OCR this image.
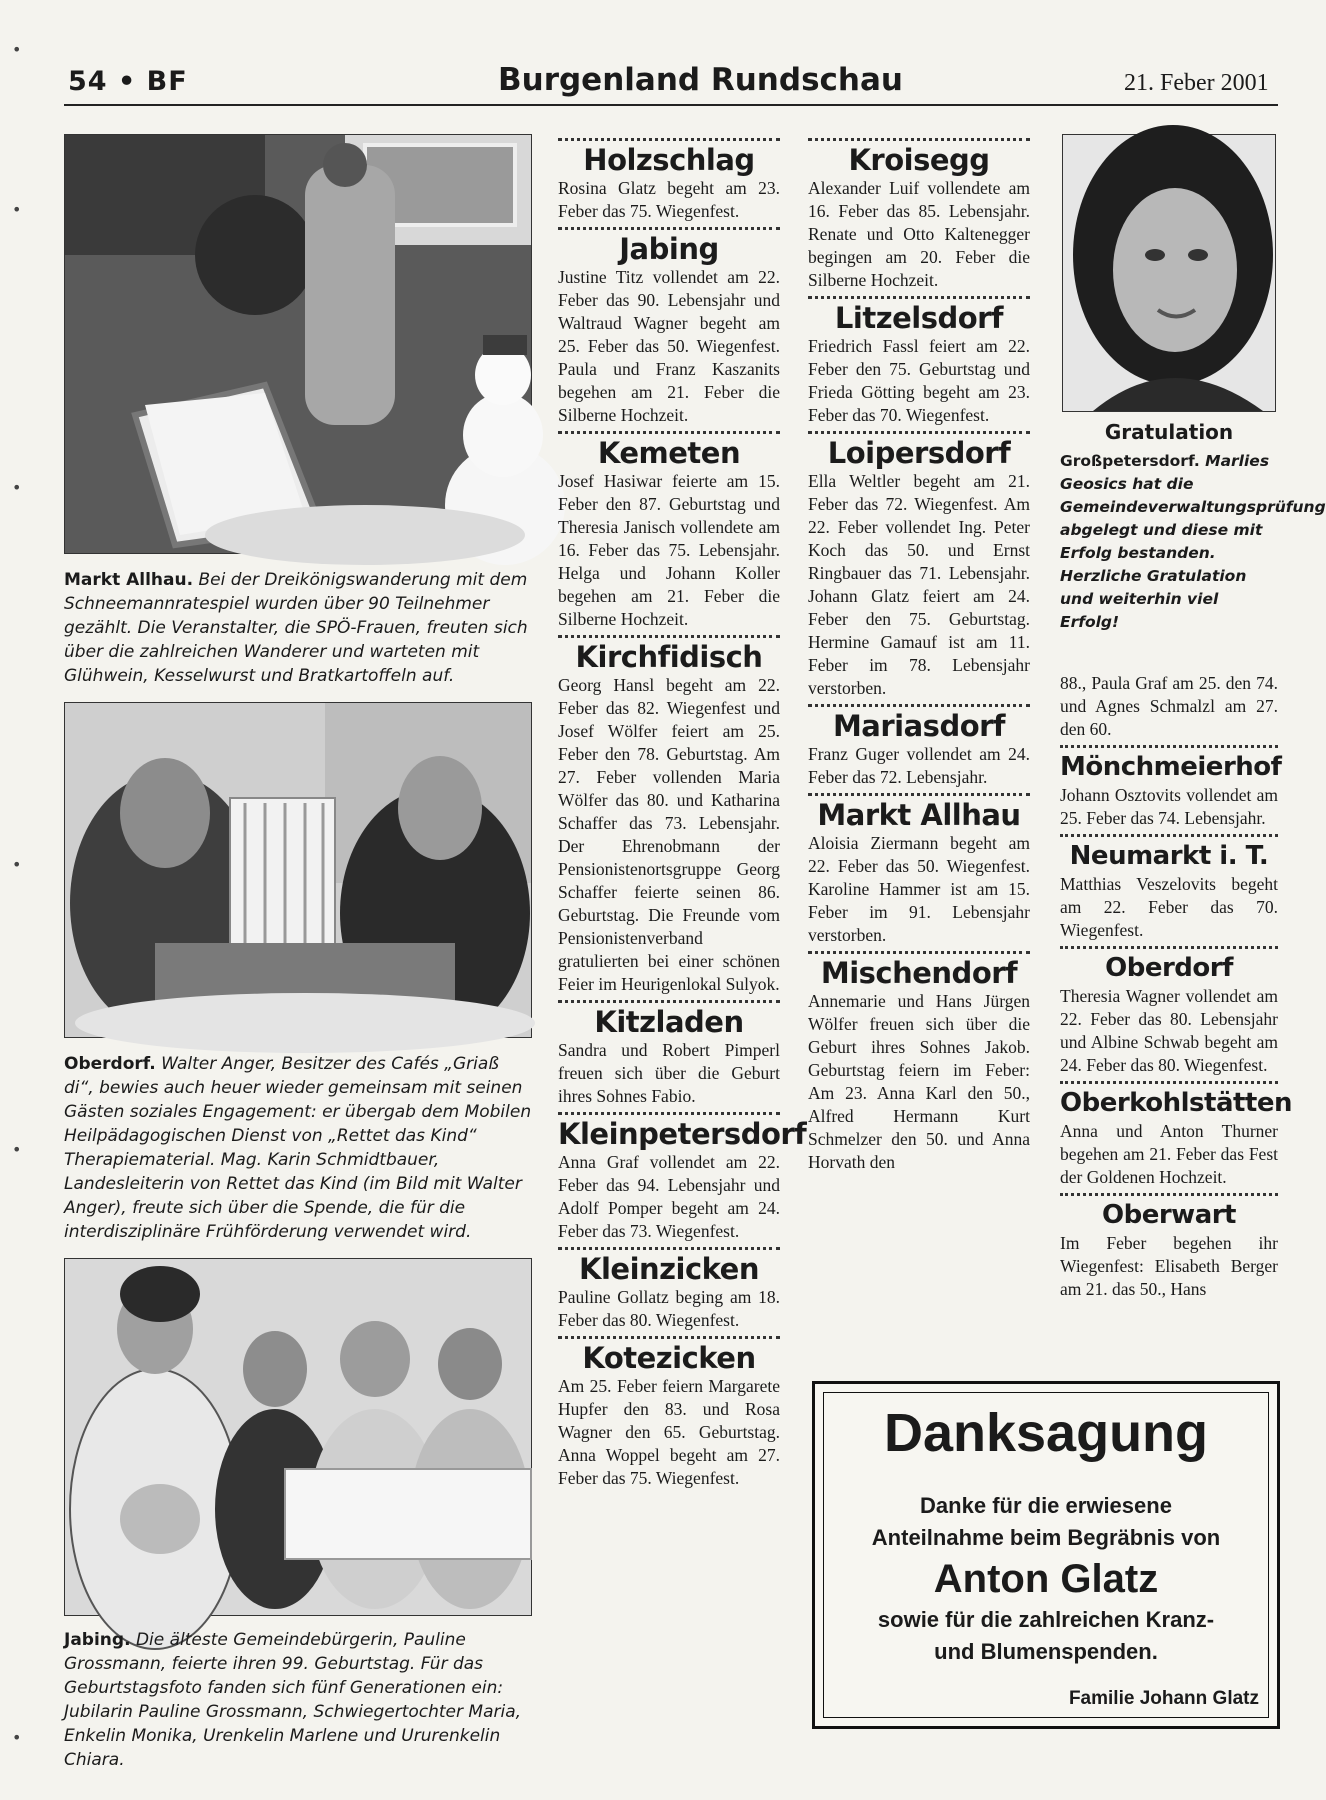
54 • BF	Burgenland Rundschau	21. Feber 2001
•
•
•
•
•
•
Markt Allhau. Bei der Dreikönigswanderung mit dem Schneemannratespiel wurden über 90 Teilnehmer gezählt. Die Veranstalter, die SPÖ-Frauen, freuten sich über die zahlreichen Wanderer und warteten mit Glühwein, Kesselwurst und Bratkartoffeln auf.
Oberdorf. Walter Anger, Besitzer des Cafés „Griaß di“, bewies auch heuer wieder gemeinsam mit seinen Gästen soziales Engagement: er übergab dem Mobilen Heilpädagogischen Dienst von „Rettet das Kind“ Therapiematerial. Mag. Karin Schmidtbauer, Landesleiterin von Rettet das Kind (im Bild mit Walter Anger), freute sich über die Spende, die für die interdisziplinäre Frühförderung verwendet wird.
Jabing. Die älteste Gemeindebürgerin, Pauline Grossmann, feierte ihren 99. Geburtstag. Für das Geburtstagsfoto fanden sich fünf Generationen ein: Jubilarin Pauline Grossmann, Schwiegertochter Maria, Enkelin Monika, Urenkelin Marlene und Ururenkelin Chiara.
Holzschlag

Rosina Glatz begeht am 23. Feber das 75. Wiegenfest.

Jabing

Justine Titz vollendet am 22. Feber das 90. Lebensjahr und Waltraud Wagner begeht am 25. Feber das 50. Wiegenfest. Paula und Franz Kaszanits begehen am 21. Feber die Silberne Hochzeit.

Kemeten

Josef Hasiwar feierte am 15. Feber den 87. Geburtstag und Theresia Janisch vollendete am 16. Feber das 75. Lebensjahr. Helga und Johann Koller begehen am 21. Feber die Silberne Hochzeit.

Kirchfidisch

Georg Hansl begeht am 22. Feber das 82. Wiegenfest und Josef Wölfer feiert am 25. Feber den 78. Geburtstag. Am 27. Feber vollenden Maria Wölfer das 80. und Katharina Schaffer das 73. Lebensjahr. Der Ehrenobmann der Pensionistenortsgruppe Georg Schaffer feierte seinen 86. Geburtstag. Die Freunde vom Pensionistenverband gratulierten bei einer schönen Feier im Heurigenlokal Sulyok.

Kitzladen

Sandra und Robert Pimperl freuen sich über die Geburt ihres Sohnes Fabio.

Kleinpetersdorf

Anna Graf vollendet am 22. Feber das 94. Lebensjahr und Adolf Pomper begeht am 24. Feber das 73. Wiegenfest.

Kleinzicken

Pauline Gollatz beging am 18. Feber das 80. Wiegenfest.

Kotezicken

Am 25. Feber feiern Margarete Hupfer den 83. und Rosa Wagner den 65. Geburtstag. Anna Woppel begeht am 27. Feber das 75. Wiegenfest.

Kroisegg

Alexander Luif vollendete am 16. Feber das 85. Lebensjahr. Renate und Otto Kaltenegger begingen am 20. Feber die Silberne Hochzeit.

Litzelsdorf

Friedrich Fassl feiert am 22. Feber den 75. Geburtstag und Frieda Götting begeht am 23. Feber das 70. Wiegenfest.

Loipersdorf

Ella Weltler begeht am 21. Feber das 72. Wiegenfest. Am 22. Feber vollendet Ing. Peter Koch das 50. und Ernst Ringbauer das 71. Lebensjahr. Johann Glatz feiert am 24. Feber den 75. Geburtstag. Hermine Gamauf ist am 11. Feber im 78. Lebensjahr verstorben.

Mariasdorf

Franz Guger vollendet am 24. Feber das 72. Lebensjahr.

Markt Allhau

Aloisia Ziermann begeht am 22. Feber das 50. Wiegenfest. Karoline Hammer ist am 15. Feber im 91. Lebensjahr verstorben.

Mischendorf

Annemarie und Hans Jürgen Wölfer freuen sich über die Geburt ihres Sohnes Jakob. Geburtstag feiern im Feber: Am 23. Anna Karl den 50., Alfred Hermann Kurt Schmelzer den 50. und Anna Horvath den

Gratulation
Großpetersdorf. Marlies Geosics hat die Gemeindeverwaltungsprüfung abgelegt und diese mit Erfolg bestanden. Herzliche Gratulation und weiterhin viel Erfolg!

88., Paula Graf am 25. den 74. und Agnes Schmalzl am 27. den 60.

Mönchmeierhof

Johann Osztovits vollendet am 25. Feber das 74. Lebensjahr.

Neumarkt i. T.

Matthias Veszelovits begeht am 22. Feber das 70. Wiegenfest.

Oberdorf

Theresia Wagner vollendet am 22. Feber das 80. Lebensjahr und Albine Schwab begeht am 24. Feber das 80. Wiegenfest.

Oberkohlstätten

Anna und Anton Thurner begehen am 21. Feber das Fest der Goldenen Hochzeit.

Oberwart

Im Feber begehen ihr Wiegenfest: Elisabeth Berger am 21. das 50., Hans

Danksagung
Danke für die erwiesene
Anteilnahme beim Begräbnis von
Anton Glatz
sowie für die zahlreichen Kranz-
und Blumenspenden.
Familie Johann Glatz
